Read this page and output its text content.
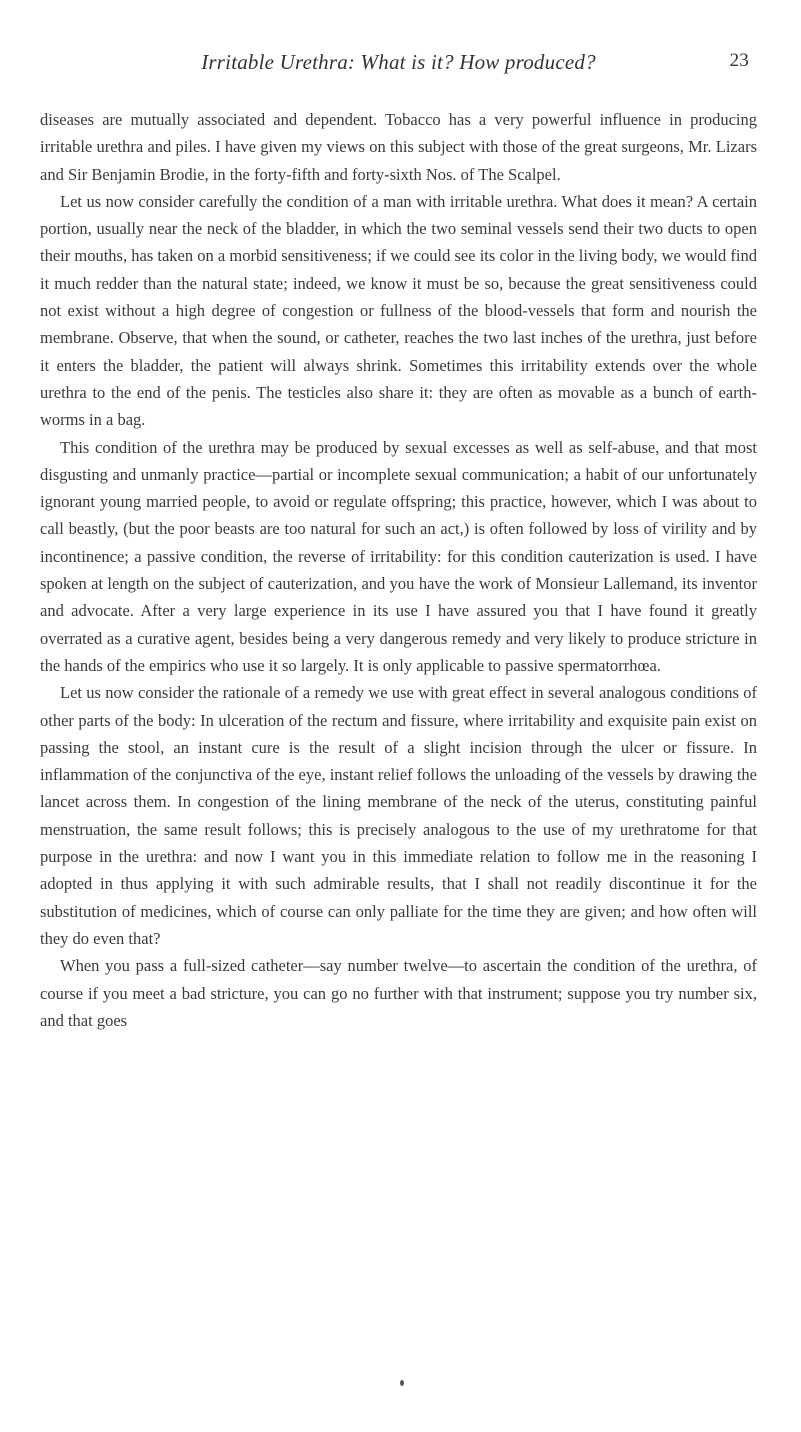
Irritable Urethra: What is it? How produced?	23

diseases are mutually associated and dependent. Tobacco has a very powerful influence in producing irritable urethra and piles. I have given my views on this subject with those of the great surgeons, Mr. Lizars and Sir Benjamin Brodie, in the forty-fifth and forty-sixth Nos. of The Scalpel.

Let us now consider carefully the condition of a man with irritable urethra. What does it mean? A certain portion, usually near the neck of the bladder, in which the two seminal vessels send their two ducts to open their mouths, has taken on a morbid sensitiveness; if we could see its color in the living body, we would find it much redder than the natural state; indeed, we know it must be so, because the great sensitiveness could not exist without a high degree of congestion or fullness of the blood-vessels that form and nourish the membrane. Observe, that when the sound, or catheter, reaches the two last inches of the urethra, just before it enters the bladder, the patient will always shrink. Sometimes this irritability extends over the whole urethra to the end of the penis. The testicles also share it: they are often as movable as a bunch of earth-worms in a bag.

This condition of the urethra may be produced by sexual excesses as well as self-abuse, and that most disgusting and unmanly practice—partial or incomplete sexual communication; a habit of our unfortunately ignorant young married people, to avoid or regulate offspring; this practice, however, which I was about to call beastly, (but the poor beasts are too natural for such an act,) is often followed by loss of virility and by incontinence; a passive condition, the reverse of irritability: for this condition cauterization is used. I have spoken at length on the subject of cauterization, and you have the work of Monsieur Lallemand, its inventor and advocate. After a very large experience in its use I have assured you that I have found it greatly overrated as a curative agent, besides being a very dangerous remedy and very likely to produce stricture in the hands of the empirics who use it so largely. It is only applicable to passive spermatorrhœa.

Let us now consider the rationale of a remedy we use with great effect in several analogous conditions of other parts of the body: In ulceration of the rectum and fissure, where irritability and exquisite pain exist on passing the stool, an instant cure is the result of a slight incision through the ulcer or fissure. In inflammation of the conjunctiva of the eye, instant relief follows the unloading of the vessels by drawing the lancet across them. In congestion of the lining membrane of the neck of the uterus, constituting painful menstruation, the same result follows; this is precisely analogous to the use of my urethratome for that purpose in the urethra: and now I want you in this immediate relation to follow me in the reasoning I adopted in thus applying it with such admirable results, that I shall not readily discontinue it for the substitution of medicines, which of course can only palliate for the time they are given; and how often will they do even that?

When you pass a full-sized catheter—say number twelve—to ascertain the condition of the urethra, of course if you meet a bad stricture, you can go no further with that instrument; suppose you try number six, and that goes
